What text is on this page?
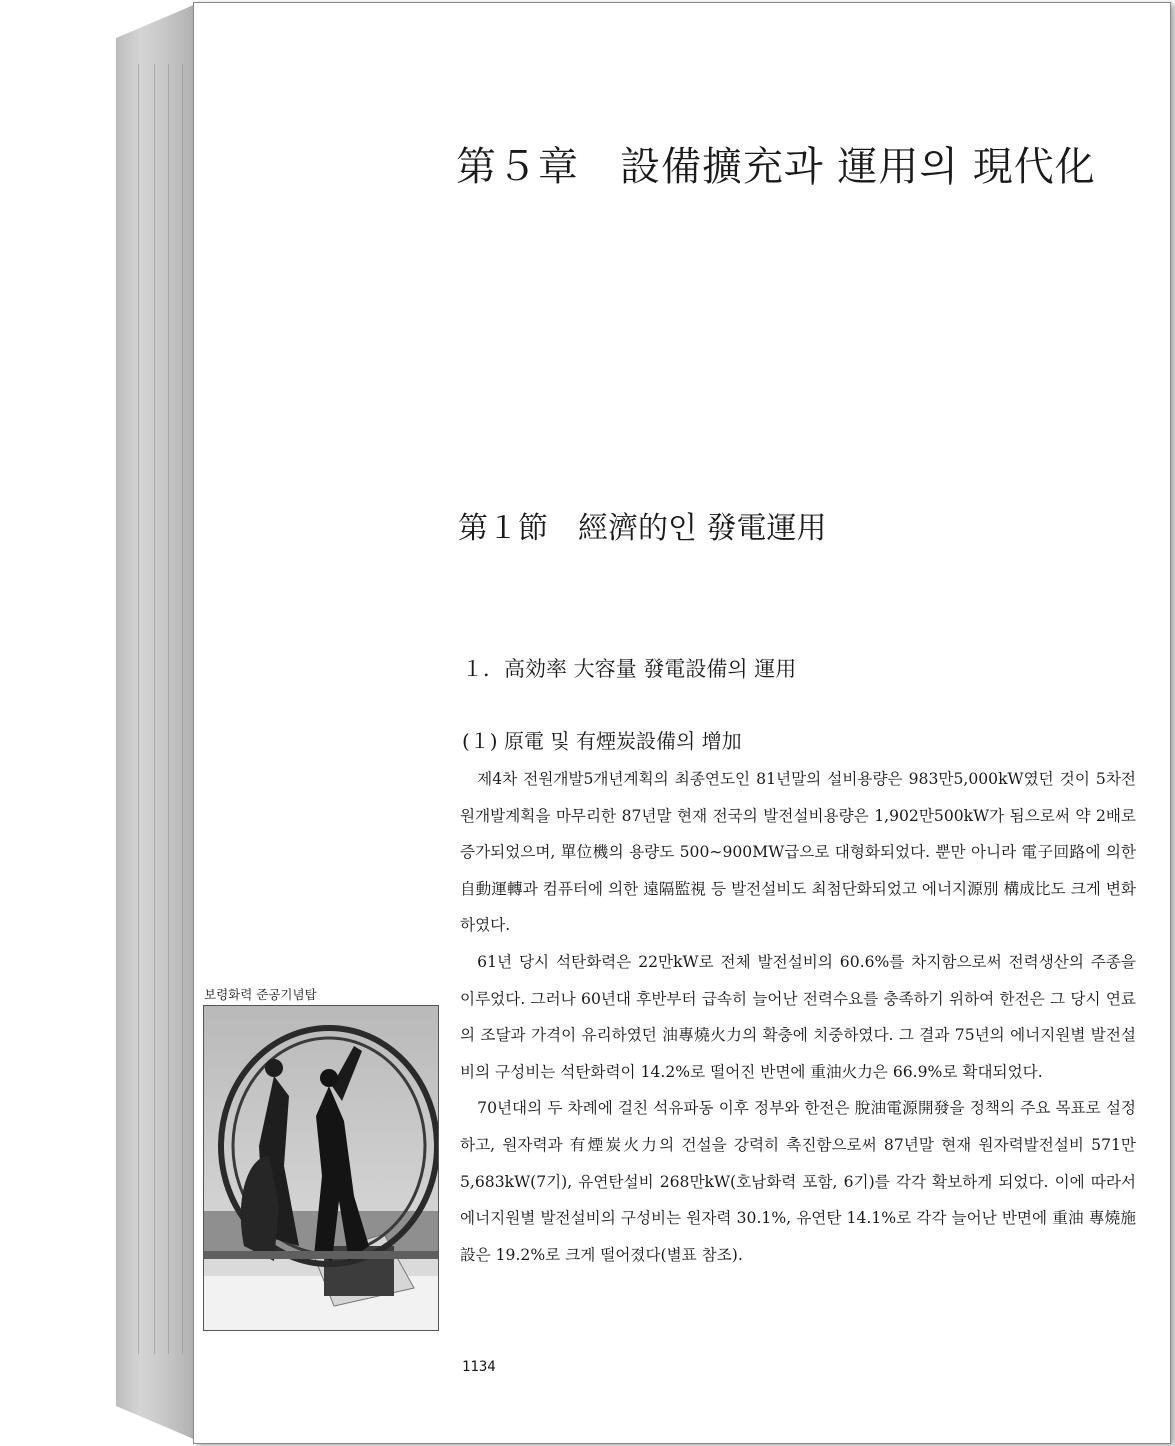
第５章　設備擴充과 運用의 現代化
第１節　經濟的인 發電運用
１．高効率 大容量 發電設備의 運用
(１) 原電 및 有煙炭設備의 增加

제4차 전원개발5개년계획의 최종연도인 81년말의 설비용량은 983만5,000kW였던 것이 5차전원개발계획을 마무리한 87년말 현재 전국의 발전설비용량은 1,902만500kW가 됨으로써 약 2배로 증가되었으며, 單位機의 용량도 500∼900MW급으로 대형화되었다. 뿐만 아니라 電子回路에 의한 自動運轉과 컴퓨터에 의한 遠隔監視 등 발전설비도 최첨단화되었고 에너지源別 構成比도 크게 변화하였다.

61년 당시 석탄화력은 22만kW로 전체 발전설비의 60.6%를 차지함으로써 전력생산의 주종을 이루었다. 그러나 60년대 후반부터 급속히 늘어난 전력수요를 충족하기 위하여 한전은 그 당시 연료의 조달과 가격이 유리하였던 油專燒火力의 확충에 치중하였다. 그 결과 75년의 에너지원별 발전설비의 구성비는 석탄화력이 14.2%로 떨어진 반면에 重油火力은 66.9%로 확대되었다.

70년대의 두 차례에 걸친 석유파동 이후 정부와 한전은 脫油電源開發을 정책의 주요 목표로 설정하고, 원자력과 有煙炭火力의 건설을 강력히 촉진함으로써 87년말 현재 원자력발전설비 571만5,683kW(7기), 유연탄설비 268만kW(호남화력 포함, 6기)를 각각 확보하게 되었다. 이에 따라서 에너지원별 발전설비의 구성비는 원자력 30.1%, 유연탄 14.1%로 각각 늘어난 반면에 重油 專燒施設은 19.2%로 크게 떨어졌다(별표 참조).

보령화력 준공기념탑
1134
